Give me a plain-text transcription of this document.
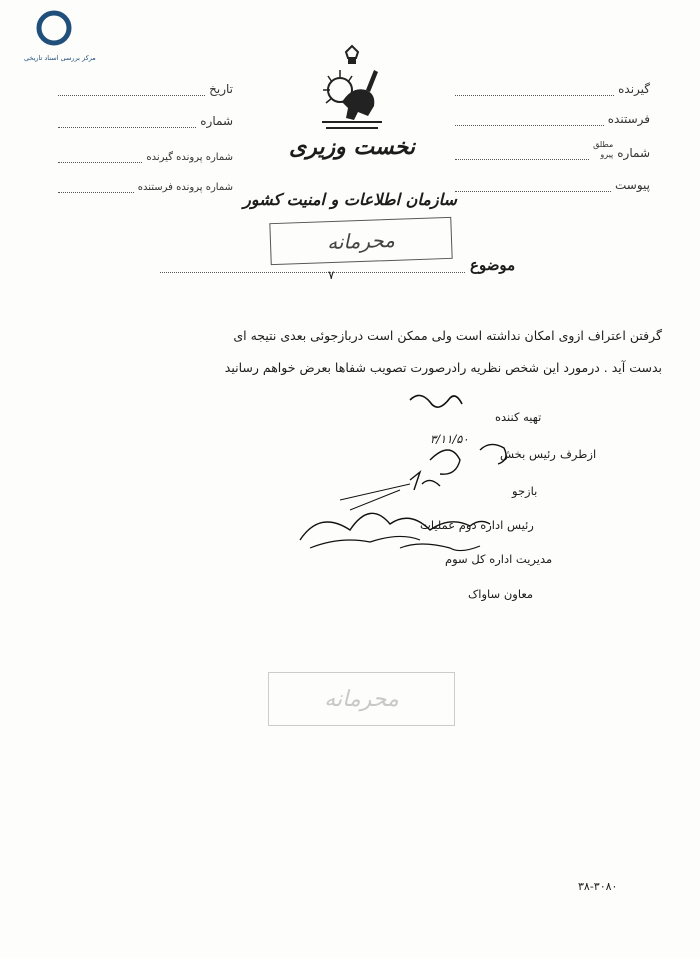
مرکز بررسی اسناد تاریخی
گیرنده
فرستنده
شماره
مطلق
پیرو
پیوست
تاریخ
شماره
شماره پرونده گیرنده
شماره پرونده فرستنده
نخست وزیری
سازمان اطلاعات و امنیت کشور
محرمانه
موضوع
۷
گرفتن اعتراف ازوی امکان نداشته است ولی ممکن است دربازجوئی بعدی نتیجه ای
بدست آید . درمورد این شخص نظریه رادرصورت تصویب شفاها بعرض خواهم رسانید
تهیه کننده
ازطرف
رئیس بخش
بازجو
رئیس اداره دوم عملیات
مدیریت اداره کل سوم
معاون ساواک
۳/۱۱/۵۰
محرمانه
۳۸-۳۰۸۰
